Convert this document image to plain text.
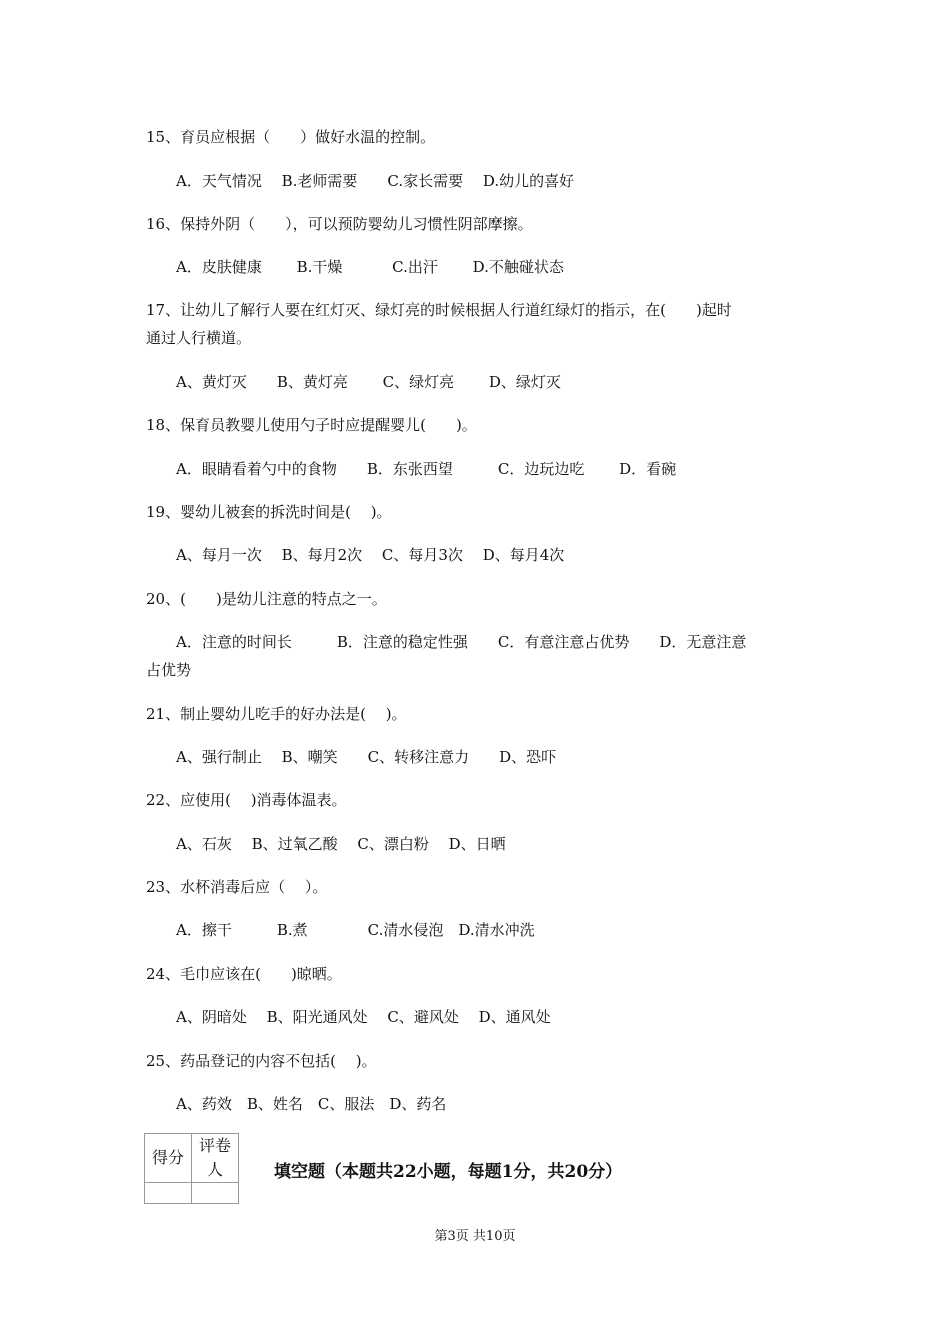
15、育员应根据（　　）做好水温的控制。
A．天气情况　 B.老师需要　　C.家长需要　 D.幼儿的喜好
16、保持外阴（　　），可以预防婴幼儿习惯性阴部摩擦。
A．皮肤健康　　 B.干燥　　　 C.出汗　　 D.不触碰状态
17、让幼儿了解行人要在红灯灭、绿灯亮的时候根据人行道红绿灯的指示，在(　　)起时
通过人行横道。
A、黄灯灭　　B、黄灯亮　　 C、绿灯亮　　 D、绿灯灭
18、保育员教婴儿使用勺子时应提醒婴儿(　　)。
A．眼睛看着勺中的食物　　B．东张西望　　　C．边玩边吃　　 D．看碗
19、婴幼儿被套的拆洗时间是(　 )。
A、每月一次　 B、每月2次　 C、每月3次　 D、每月4次
20、(　　)是幼儿注意的特点之一。
A．注意的时间长　　　B．注意的稳定性强　　C．有意注意占优势　　D．无意注意
占优势
21、制止婴幼儿吃手的好办法是(　 )。
A、强行制止　 B、嘲笑　　C、转移注意力　　D、恐吓
22、应使用(　 )消毒体温表。
A、石灰　 B、过氧乙酸　 C、漂白粉　 D、日晒
23、水杯消毒后应（　 ）。
A．擦干　　　B.煮　　　　C.清水侵泡　D.清水冲洗
24、毛巾应该在(　　)晾晒。
A、阴暗处　 B、阳光通风处　 C、避风处　 D、通风处
25、药品登记的内容不包括(　 )。
A、药效　B、姓名　C、服法　D、药名
得分	评卷人
		填空题（本题共22小题，每题1分，共20分）
第3页 共10页
